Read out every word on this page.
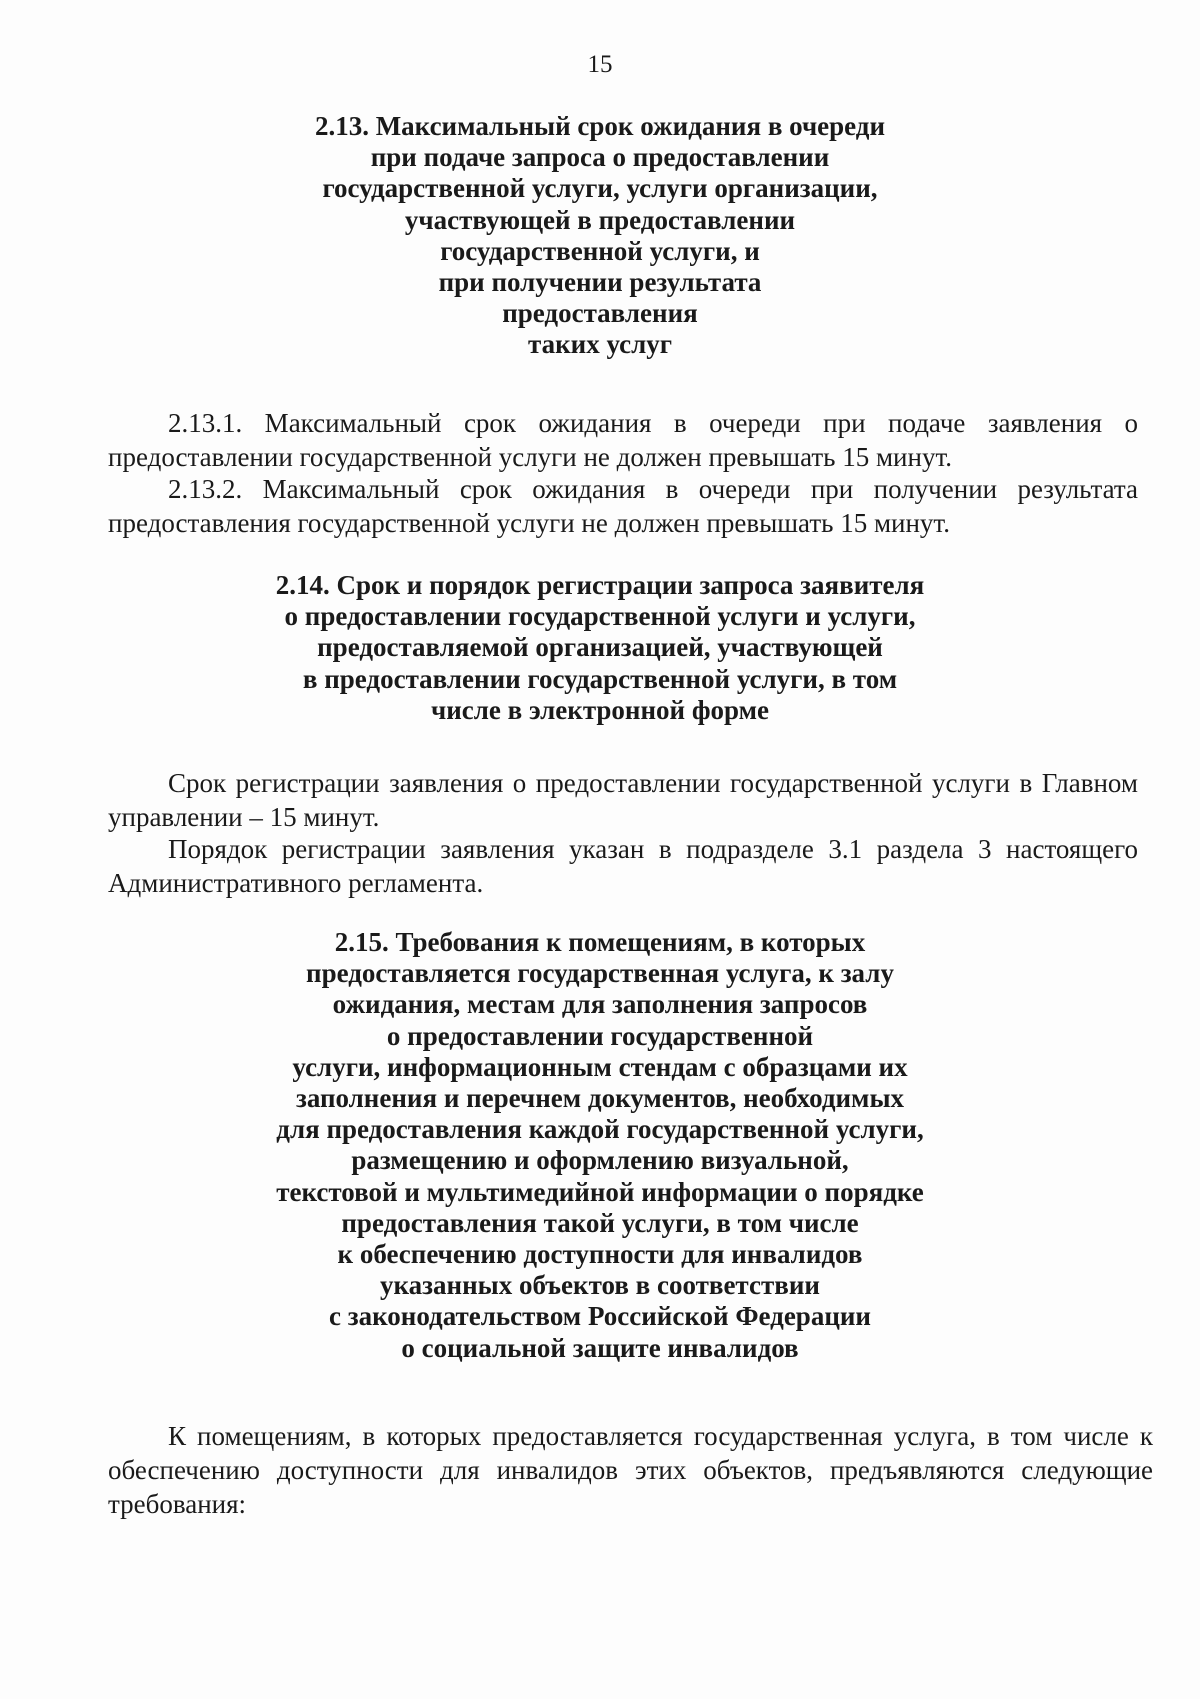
15
2.13. Максимальный срок ожидания в очереди
при подаче запроса о предоставлении
государственной услуги, услуги организации,
участвующей в предоставлении
государственной услуги, и
при получении результата
предоставления
таких услуг

2.13.1. Максимальный срок ожидания в очереди при подаче заявления о предоставлении государственной услуги не должен превышать 15 минут.

2.13.2. Максимальный срок ожидания в очереди при получении результата предоставления государственной услуги не должен превышать 15 минут.

2.14. Срок и порядок регистрации запроса заявителя
о предоставлении государственной услуги и услуги,
предоставляемой организацией, участвующей
в предоставлении государственной услуги, в том
числе в электронной форме

Срок регистрации заявления о предоставлении государственной услуги в Главном управлении – 15 минут.

Порядок регистрации заявления указан в подразделе 3.1 раздела 3 настоящего Административного регламента.

2.15. Требования к помещениям, в которых
предоставляется государственная услуга, к залу
ожидания, местам для заполнения запросов
о предоставлении государственной
услуги, информационным стендам с образцами их
заполнения и перечнем документов, необходимых
для предоставления каждой государственной услуги,
размещению и оформлению визуальной,
текстовой и мультимедийной информации о порядке
предоставления такой услуги, в том числе
к обеспечению доступности для инвалидов
указанных объектов в соответствии
с законодательством Российской Федерации
о социальной защите инвалидов

К помещениям, в которых предоставляется государственная услуга, в том числе к обеспечению доступности для инвалидов этих объектов, предъявляются следующие требования:
